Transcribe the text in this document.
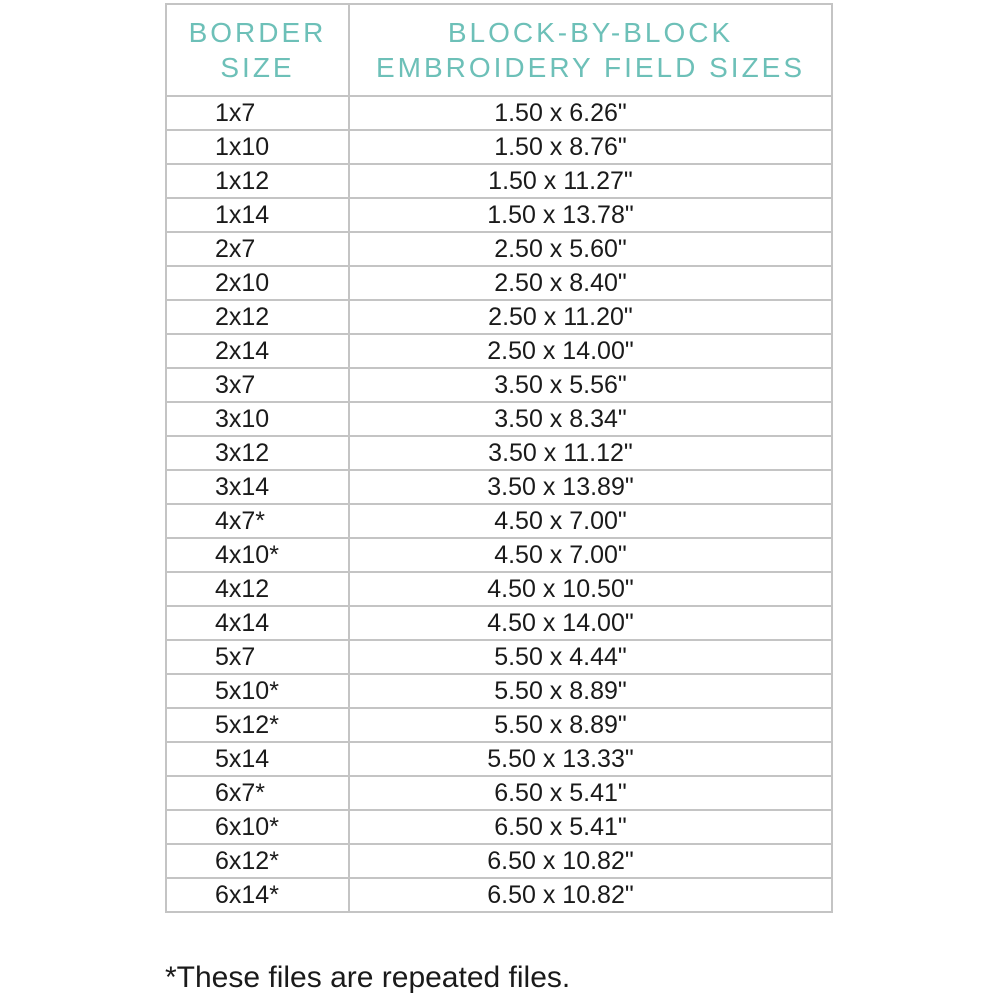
BORDER
SIZE

BLOCK-BY-BLOCK
EMBROIDERY FIELD SIZES

1x7	1.50 x 6.26"
1x10	1.50 x 8.76"
1x12	1.50 x 11.27"
1x14	1.50 x 13.78"
2x7	2.50 x 5.60"
2x10	2.50 x 8.40"
2x12	2.50 x 11.20"
2x14	2.50 x 14.00"
3x7	3.50 x 5.56"
3x10	3.50 x 8.34"
3x12	3.50 x 11.12"
3x14	3.50 x 13.89"
4x7*	4.50 x 7.00"
4x10*	4.50 x 7.00"
4x12	4.50 x 10.50"
4x14	4.50 x 14.00"
5x7	5.50 x 4.44"
5x10*	5.50 x 8.89"
5x12*	5.50 x 8.89"
5x14	5.50 x 13.33"
6x7*	6.50 x 5.41"
6x10*	6.50 x 5.41"
6x12*	6.50 x 10.82"
6x14*	6.50 x 10.82"
*These files are repeated files.
